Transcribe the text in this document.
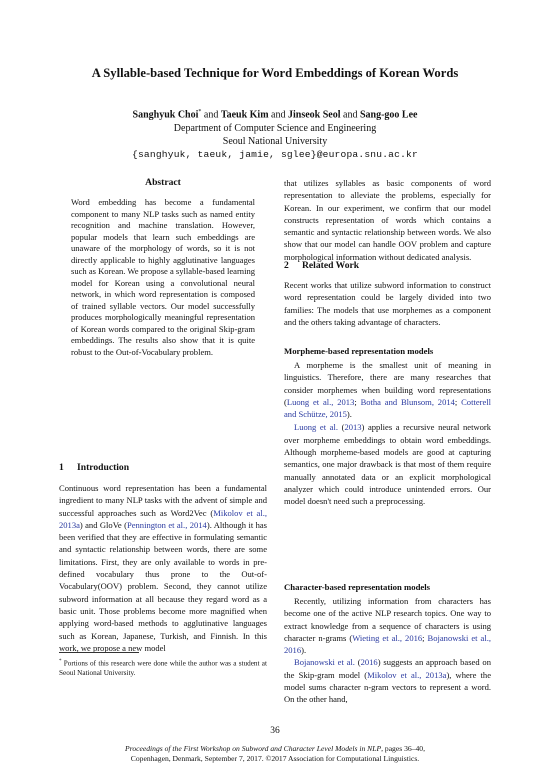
A Syllable-based Technique for Word Embeddings of Korean Words
Sanghyuk Choi* and Taeuk Kim and Jinseok Seol and Sang-goo Lee
Department of Computer Science and Engineering
Seoul National University
{sanghyuk, taeuk, jamie, sglee}@europa.snu.ac.kr
Abstract
Word embedding has become a fundamental component to many NLP tasks such as named entity recognition and machine translation. However, popular models that learn such embeddings are unaware of the morphology of words, so it is not directly applicable to highly agglutinative languages such as Korean. We propose a syllable-based learning model for Korean using a convolutional neural network, in which word representation is composed of trained syllable vectors. Our model successfully produces morphologically meaningful representation of Korean words compared to the original Skip-gram embeddings. The results also show that it is quite robust to the Out-of-Vocabulary problem.
1 Introduction

Continuous word representation has been a fundamental ingredient to many NLP tasks with the advent of simple and successful approaches such as Word2Vec (Mikolov et al., 2013a) and GloVe (Pennington et al., 2014). Although it has been verified that they are effective in formulating semantic and syntactic relationship between words, there are some limitations. First, they are only available to words in pre-defined vocabulary thus prone to the Out-of-Vocabulary(OOV) problem. Second, they cannot utilize subword information at all because they regard word as a basic unit. Those problems become more magnified when applying word-based methods to agglutinative languages such as Korean, Japanese, Turkish, and Finnish. In this work, we propose a new model

* Portions of this research were done while the author was a student at Seoul National University.
that utilizes syllables as basic components of word representation to alleviate the problems, especially for Korean. In our experiment, we confirm that our model constructs representation of words which contains a semantic and syntactic relationship between words. We also show that our model can handle OOV problem and capture morphological information without dedicated analysis.
2 Related Work
Recent works that utilize subword information to construct word representation could be largely divided into two families: The models that use morphemes as a component and the others taking advantage of characters.
Morpheme-based representation models

A morpheme is the smallest unit of meaning in linguistics. Therefore, there are many researches that consider morphemes when building word representations (Luong et al., 2013; Botha and Blunsom, 2014; Cotterell and Schütze, 2015).

Luong et al. (2013) applies a recursive neural network over morpheme embeddings to obtain word embeddings. Although morpheme-based models are good at capturing semantics, one major drawback is that most of them require manually annotated data or an explicit morphological analyzer which could introduce unintended errors. Our model doesn't need such a preprocessing.

Character-based representation models

Recently, utilizing information from characters has become one of the active NLP research topics. One way to extract knowledge from a sequence of characters is using character n-grams (Wieting et al., 2016; Bojanowski et al., 2016).

Bojanowski et al. (2016) suggests an approach based on the Skip-gram model (Mikolov et al., 2013a), where the model sums character n-gram vectors to represent a word. On the other hand,

36
Proceedings of the First Workshop on Subword and Character Level Models in NLP, pages 36–40,
Copenhagen, Denmark, September 7, 2017. ©2017 Association for Computational Linguistics.
